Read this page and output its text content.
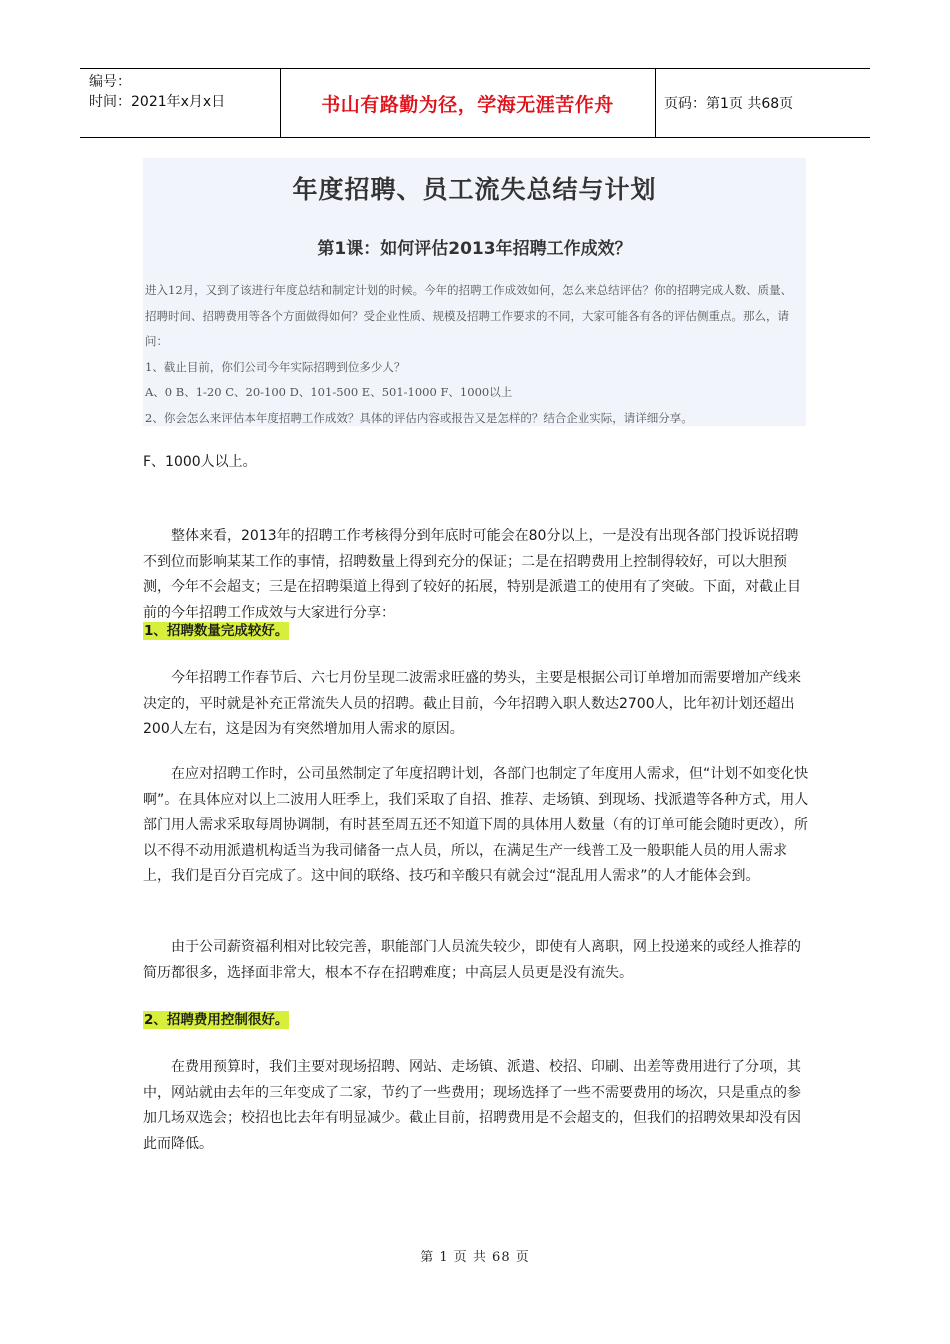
编号：
时间：2021年x月x日	书山有路勤为径，学海无涯苦作舟	页码：第1页 共68页
年度招聘、员工流失总结与计划
第1课：如何评估2013年招聘工作成效？

进入12月，又到了该进行年度总结和制定计划的时候。今年的招聘工作成效如何，怎么来总结评估？你的招聘完成人数、质量、招聘时间、招聘费用等各个方面做得如何？受企业性质、规模及招聘工作要求的不同，大家可能各有各的评估侧重点。那么，请问：

1、截止目前，你们公司今年实际招聘到位多少人？

A、0 B、1-20 C、20-100 D、101-500 E、501-1000 F、1000以上

2、你会怎么来评估本年度招聘工作成效？具体的评估内容或报告又是怎样的？结合企业实际，请详细分享。

F、1000人以上。

整体来看，2013年的招聘工作考核得分到年底时可能会在80分以上，一是没有出现各部门投诉说招聘不到位而影响某某工作的事情，招聘数量上得到充分的保证；二是在招聘费用上控制得较好，可以大胆预测，今年不会超支；三是在招聘渠道上得到了较好的拓展，特别是派遣工的使用有了突破。下面，对截止目前的今年招聘工作成效与大家进行分享：

1、招聘数量完成较好。

今年招聘工作春节后、六七月份呈现二波需求旺盛的势头，主要是根据公司订单增加而需要增加产线来决定的，平时就是补充正常流失人员的招聘。截止目前，今年招聘入职人数达2700人，比年初计划还超出200人左右，这是因为有突然增加用人需求的原因。

在应对招聘工作时，公司虽然制定了年度招聘计划，各部门也制定了年度用人需求，但“计划不如变化快啊”。在具体应对以上二波用人旺季上，我们采取了自招、推荐、走场镇、到现场、找派遣等各种方式，用人部门用人需求采取每周协调制，有时甚至周五还不知道下周的具体用人数量（有的订单可能会随时更改），所以不得不动用派遣机构适当为我司储备一点人员，所以，在满足生产一线普工及一般职能人员的用人需求上，我们是百分百完成了。这中间的联络、技巧和辛酸只有就会过“混乱用人需求”的人才能体会到。

由于公司薪资福利相对比较完善，职能部门人员流失较少，即使有人离职，网上投递来的或经人推荐的简历都很多，选择面非常大，根本不存在招聘难度；中高层人员更是没有流失。

2、招聘费用控制很好。

在费用预算时，我们主要对现场招聘、网站、走场镇、派遣、校招、印刷、出差等费用进行了分项，其中，网站就由去年的三年变成了二家，节约了一些费用；现场选择了一些不需要费用的场次，只是重点的参加几场双选会；校招也比去年有明显减少。截止目前，招聘费用是不会超支的，但我们的招聘效果却没有因此而降低。

第 1 页 共 68 页
